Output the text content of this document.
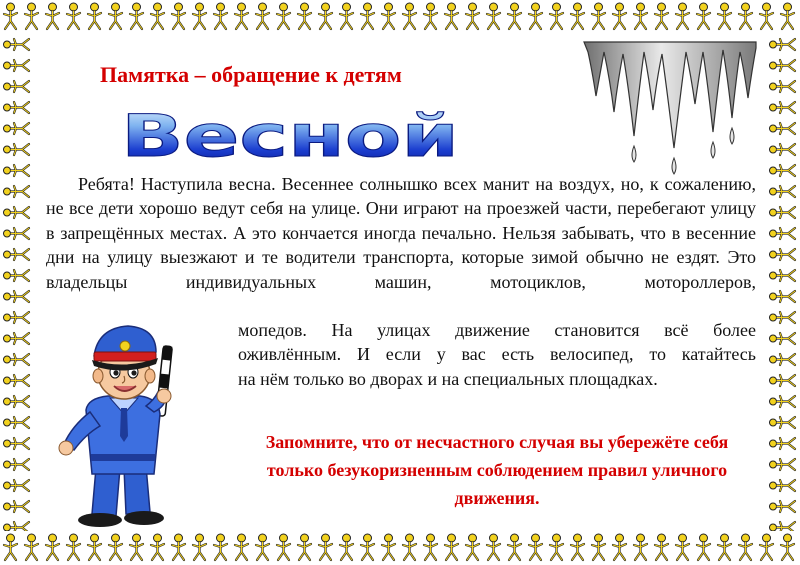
Памятка – обращение к детям
Весной

Ребята! Наступила весна. Весеннее солнышко всех манит на воздух, но, к сожалению, не все дети хорошо ведут себя на улице. Они играют на проезжей части, перебегают улицу в запрещённых местах. А это кончается иногда печально. Нельзя забывать, что в весенние дни на улицу выезжают и те водители транспорта, которые зимой обычно не ездят. Это владельцы индивидуальных машин, мотоциклов, мотороллеров,

мопедов. На улицах движение становится всё более
оживлённым. И если у вас есть велосипед, то катайтесь
на нём только во дворах и на специальных площадках.

Запомните, что от несчастного случая вы убережёте себя только безукоризненным соблюдением правил уличного движения.
